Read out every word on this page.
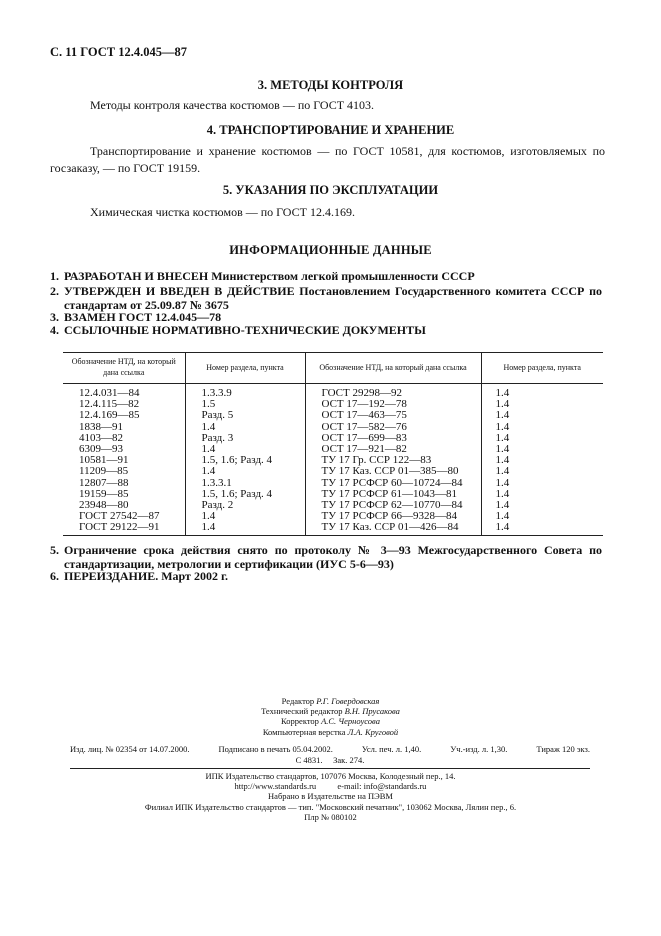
С. 11 ГОСТ 12.4.045—87
3. МЕТОДЫ КОНТРОЛЯ
Методы контроля качества костюмов — по ГОСТ 4103.
4. ТРАНСПОРТИРОВАНИЕ И ХРАНЕНИЕ
Транспортирование и хранение костюмов — по ГОСТ 10581, для костюмов, изготовляемых по госзаказу, — по ГОСТ 19159.
5. УКАЗАНИЯ ПО ЭКСПЛУАТАЦИИ
Химическая чистка костюмов — по ГОСТ 12.4.169.
ИНФОРМАЦИОННЫЕ ДАННЫЕ
1. РАЗРАБОТАН И ВНЕСЕН Министерством легкой промышленности СССР
2. УТВЕРЖДЕН И ВВЕДЕН В ДЕЙСТВИЕ Постановлением Государственного комитета СССР по стандартам от 25.09.87 № 3675
3. ВЗАМЕН ГОСТ 12.4.045—78
4. ССЫЛОЧНЫЕ НОРМАТИВНО-ТЕХНИЧЕСКИЕ ДОКУМЕНТЫ
Обозначение НТД, на который дана ссылка	Номер раздела, пункта	Обозначение НТД, на который дана ссылка	Номер раздела, пункта
12.4.031—84	1.3.3.9	ГОСТ 29298—92	1.4
12.4.115—82	1.5	ОСТ 17—192—78	1.4
12.4.169—85	Разд. 5	ОСТ 17—463—75	1.4
1838—91	1.4	ОСТ 17—582—76	1.4
4103—82	Разд. 3	ОСТ 17—699—83	1.4
6309—93	1.4	ОСТ 17—921—82	1.4
10581—91	1.5, 1.6; Разд. 4	ТУ 17 Гр. ССР 122—83	1.4
11209—85	1.4	ТУ 17 Каз. ССР 01—385—80	1.4
12807—88	1.3.3.1	ТУ 17 РСФСР 60—10724—84	1.4
19159—85	1.5, 1.6; Разд. 4	ТУ 17 РСФСР 61—1043—81	1.4
23948—80	Разд. 2	ТУ 17 РСФСР 62—10770—84	1.4
ГОСТ 27542—87	1.4	ТУ 17 РСФСР 66—9328—84	1.4
ГОСТ 29122—91	1.4	ТУ 17 Каз. ССР 01—426—84	1.4
5. Ограничение срока действия снято по протоколу № 3—93 Межгосударственного Совета по стандартизации, метрологии и сертификации (ИУС 5-6—93)
6. ПЕРЕИЗДАНИЕ. Март 2002 г.
Редактор Р.Г. Говердовская
Технический редактор В.Н. Прусакова
Корректор А.С. Черноусова
Компьютерная верстка Л.А. Круговой
Изд. лиц. № 02354 от 14.07.2000.	Подписано в печать 05.04.2002.	Усл. печ. л. 1,40.	Уч.-изд. л. 1,30.	Тираж 120 экз.
С 4831. Зак. 274.
ИПК Издательство стандартов, 107076 Москва, Колодезный пер., 14.
http://www.standards.ru	e-mail: info@standards.ru
Набрано в Издательстве на ПЭВМ
Филиал ИПК Издательство стандартов — тип. "Московский печатник", 103062 Москва, Лялин пер., 6.
Плр № 080102
